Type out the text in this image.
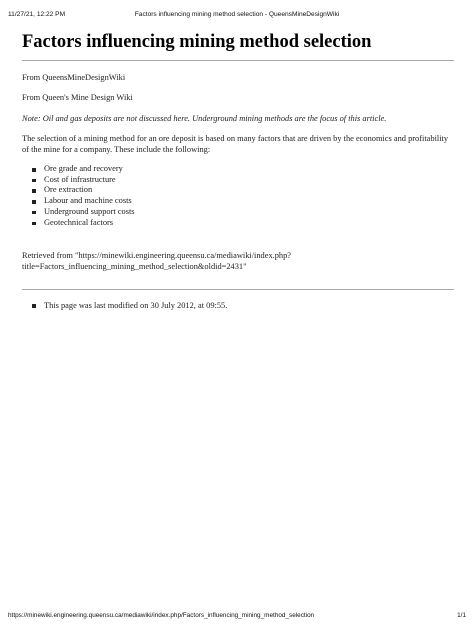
11/27/21, 12:22 PM	Factors influencing mining method selection - QueensMineDesignWiki
Factors influencing mining method selection

From QueensMineDesignWiki

From Queen's Mine Design Wiki

Note: Oil and gas deposits are not discussed here. Underground mining methods are the focus of this article.

The selection of a mining method for an ore deposit is based on many factors that are driven by the economics and profitability of the mine for a company. These include the following:

Ore grade and recovery
Cost of infrastructure
Ore extraction
Labour and machine costs
Underground support costs
Geotechnical factors

Retrieved from "https://minewiki.engineering.queensu.ca/mediawiki/index.php?
title=Factors_influencing_mining_method_selection&oldid=2431"

This page was last modified on 30 July 2012, at 09:55.
https://minewiki.engineering.queensu.ca/mediawiki/index.php/Factors_influencing_mining_method_selection	1/1
